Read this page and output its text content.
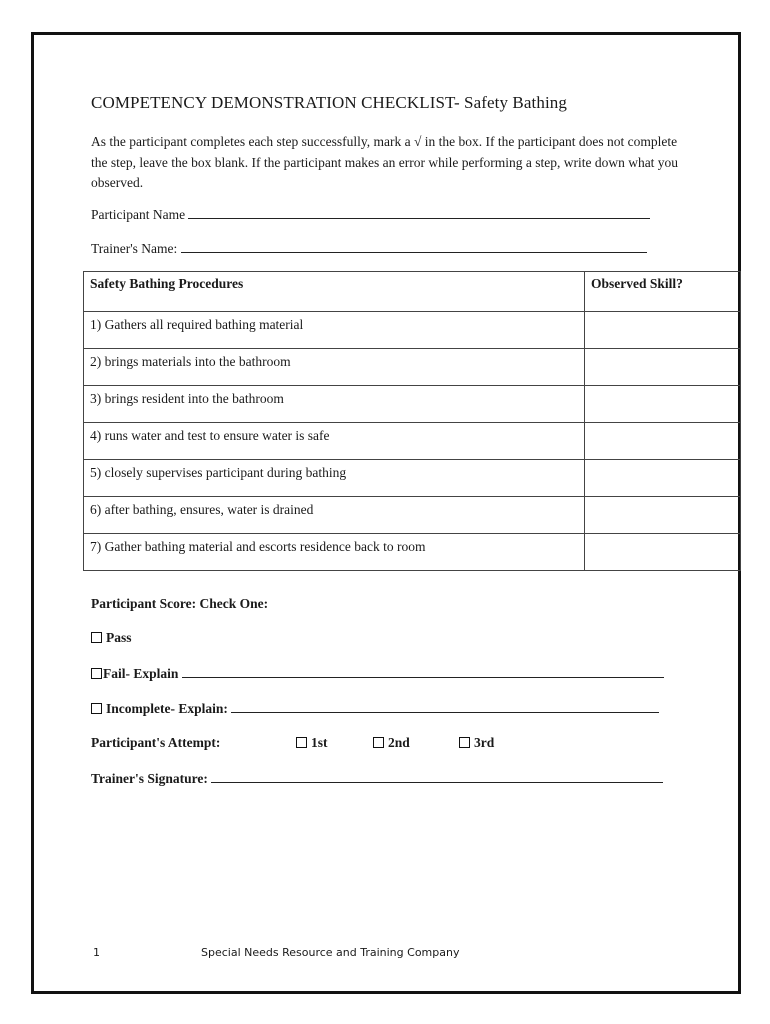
COMPETENCY DEMONSTRATION CHECKLIST- Safety Bathing
As the participant completes each step successfully, mark a √ in the box. If the participant does not complete the step, leave the box blank. If the participant makes an error while performing a step, write down what you observed.
Participant Name
Trainer's Name:
Safety Bathing Procedures	Observed Skill?
1) Gathers all required bathing material	
2) brings materials into the bathroom	
3) brings resident into the bathroom	
4) runs water and test to ensure water is safe	
5) closely supervises participant during bathing	
6) after bathing, ensures, water is drained	
7) Gather bathing material and escorts residence back to room	
Participant Score: Check One:
Pass
Fail- Explain
Incomplete- Explain:
Participant's Attempt:	1st	2nd	3rd
Trainer's Signature:
1	Special Needs Resource and Training Company
